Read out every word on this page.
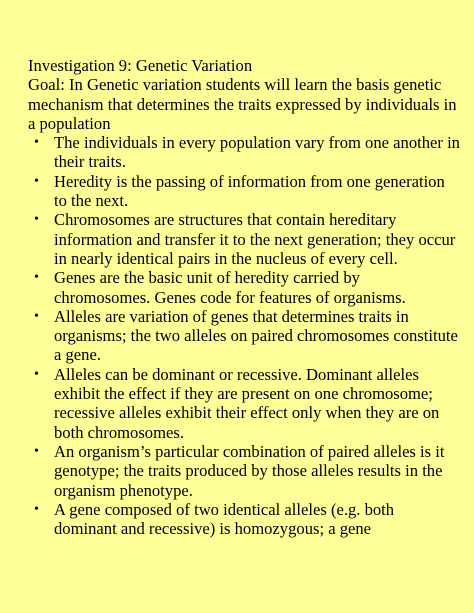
Investigation 9: Genetic Variation

Goal: In Genetic variation students will learn the basis genetic mechanism that determines the traits expressed by individuals in a population

• The individuals in every population vary from one another in their traits.
• Heredity is the passing of information from one generation to the next.
• Chromosomes are structures that contain hereditary information and transfer it to the next generation; they occur in nearly identical pairs in the nucleus of every cell.
• Genes are the basic unit of heredity carried by chromosomes. Genes code for features of organisms.
• Alleles are variation of genes that determines traits in organisms; the two alleles on paired chromosomes constitute a gene.
• Alleles can be dominant or recessive. Dominant alleles exhibit the effect if they are present on one chromosome; recessive alleles exhibit their effect only when they are on both chromosomes.
• An organism’s particular combination of paired alleles is it genotype; the traits produced by those alleles results in the organism phenotype.
• A gene composed of two identical alleles (e.g. both dominant and recessive) is homozygous; a gene
